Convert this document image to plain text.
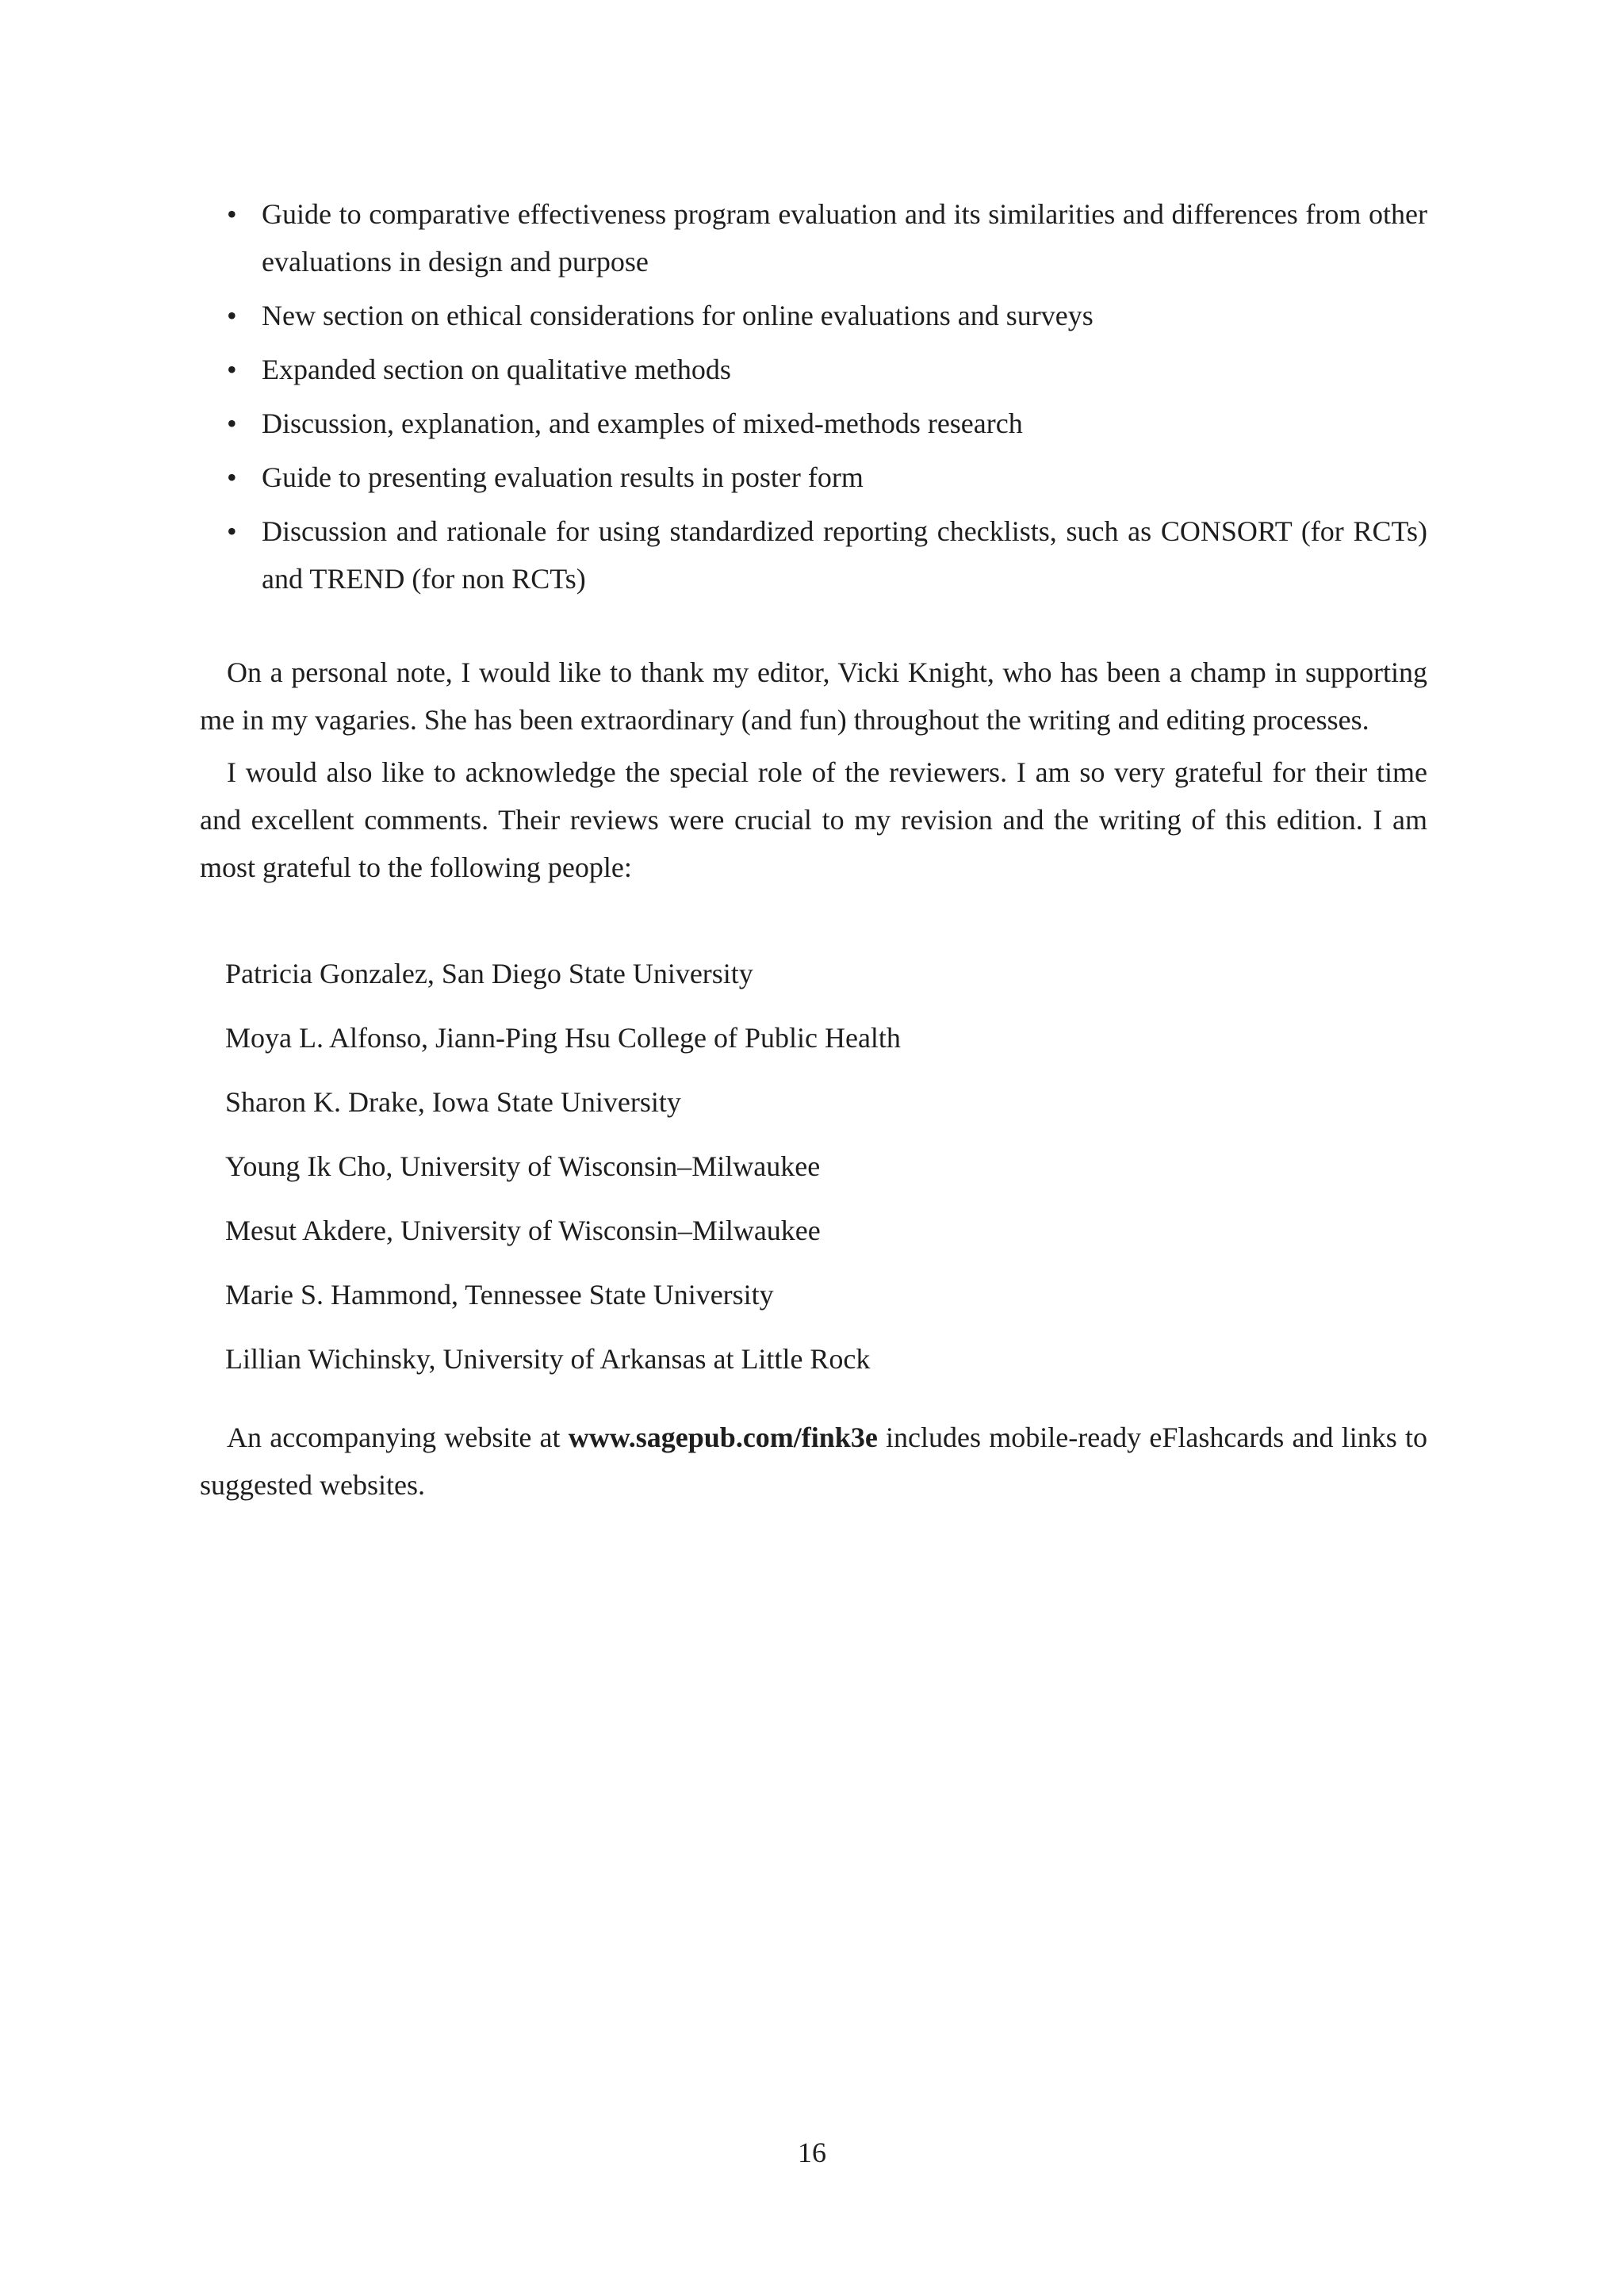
• Guide to comparative effectiveness program evaluation and its similarities and differences from other evaluations in design and purpose
• New section on ethical considerations for online evaluations and surveys
• Expanded section on qualitative methods
• Discussion, explanation, and examples of mixed-methods research
• Guide to presenting evaluation results in poster form
• Discussion and rationale for using standardized reporting checklists, such as CONSORT (for RCTs) and TREND (for non RCTs)

On a personal note, I would like to thank my editor, Vicki Knight, who has been a champ in supporting me in my vagaries. She has been extraordinary (and fun) throughout the writing and editing processes.

I would also like to acknowledge the special role of the reviewers. I am so very grateful for their time and excellent comments. Their reviews were crucial to my revision and the writing of this edition. I am most grateful to the following people:

Patricia Gonzalez, San Diego State University
Moya L. Alfonso, Jiann-Ping Hsu College of Public Health
Sharon K. Drake, Iowa State University
Young Ik Cho, University of Wisconsin–Milwaukee
Mesut Akdere, University of Wisconsin–Milwaukee
Marie S. Hammond, Tennessee State University
Lillian Wichinsky, University of Arkansas at Little Rock

An accompanying website at www.sagepub.com/fink3e includes mobile-ready eFlashcards and links to suggested websites.

16
